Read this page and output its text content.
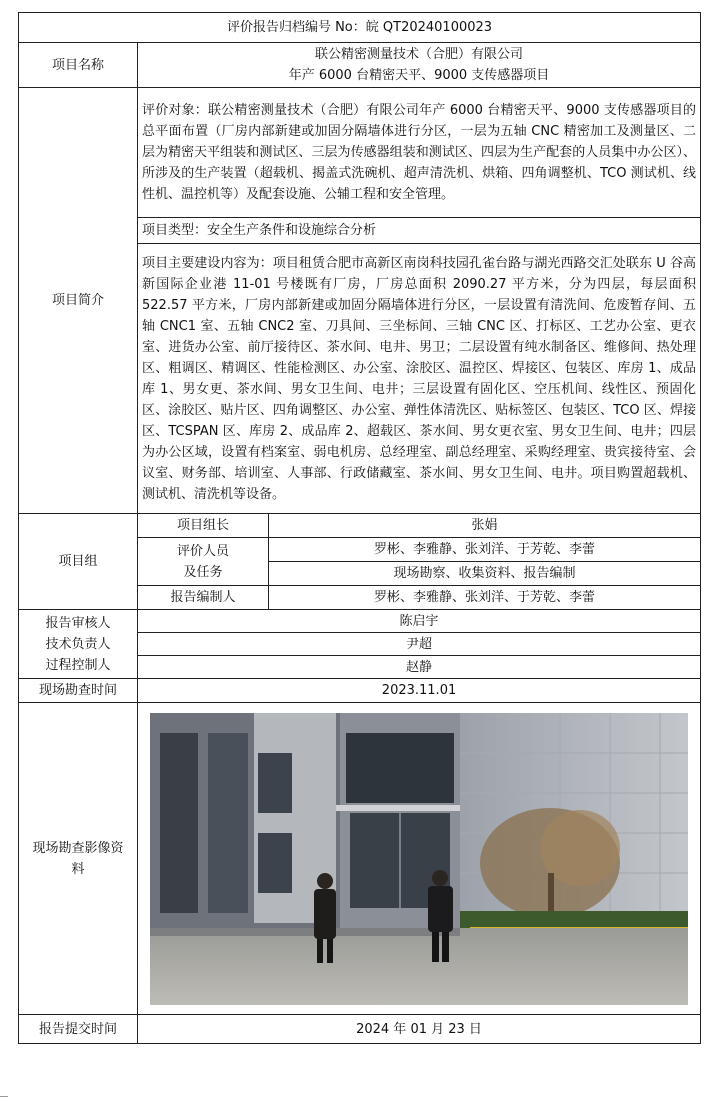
评价报告归档编号 No：皖 QT20240100023		
项目名称	联公精密测量技术（合肥）有限公司
年产 6000 台精密天平、9000 支传感器项目	

项目简介	评价对象：联公精密测量技术（合肥）有限公司年产 6000 台精密天平、9000 支传感器项目的总平面布置（厂房内部新建或加固分隔墙体进行分区，一层为五轴 CNC 精密加工及测量区、二层为精密天平组装和测试区、三层为传感器组装和测试区、四层为生产配套的人员集中办公区）、所涉及的生产装置（超载机、揭盖式洗碗机、超声清洗机、烘箱、四角调整机、TCO 测试机、线性机、温控机等）及配套设施、公辅工程和安全管理。	
	项目类型：安全生产条件和设施综合分析	
	项目主要建设内容为：项目租赁合肥市高新区南岗科技园孔雀台路与湖光西路交汇处联东 U 谷高新国际企业港 11-01 号楼既有厂房，厂房总面积 2090.27 平方米，分为四层，每层面积 522.57 平方米，厂房内部新建或加固分隔墙体进行分区，一层设置有清洗间、危废暂存间、五轴 CNC1 室、五轴 CNC2 室、刀具间、三坐标间、三轴 CNC 区、打标区、工艺办公室、更衣室、进货办公室、前厅接待区、茶水间、电井、男卫；二层设置有纯水制备区、维修间、热处理区、粗调区、精调区、性能检测区、办公室、涂胶区、温控区、焊接区、包装区、库房 1、成品库 1、男女更、茶水间、男女卫生间、电井；三层设置有固化区、空压机间、线性区、预固化区、涂胶区、贴片区、四角调整区、办公室、弹性体清洗区、贴标签区、包装区、TCO 区、焊接区、TCSPAN 区、库房 2、成品库 2、超载区、茶水间、男女更衣室、男女卫生间、电井；四层为办公区域，设置有档案室、弱电机房、总经理室、副总经理室、采购经理室、贵宾接待室、会议室、财务部、培训室、人事部、行政储藏室、茶水间、男女卫生间、电井。项目购置超载机、测试机、清洗机等设备。	
项目组	项目组长	张娟

	评价人员
及任务	罗彬、李雅静、张刘洋、于芳乾、李蕾
		现场勘察、收集资料、报告编制
	报告编制人	罗彬、李雅静、张刘洋、于芳乾、李蕾

报告审核人
技术负责人
过程控制人	陈启宇	
	尹超	
	赵静	
现场勘查时间	2023.11.01	

现场勘查影像资
料

报告提交时间	2024 年 01 月 23 日	
